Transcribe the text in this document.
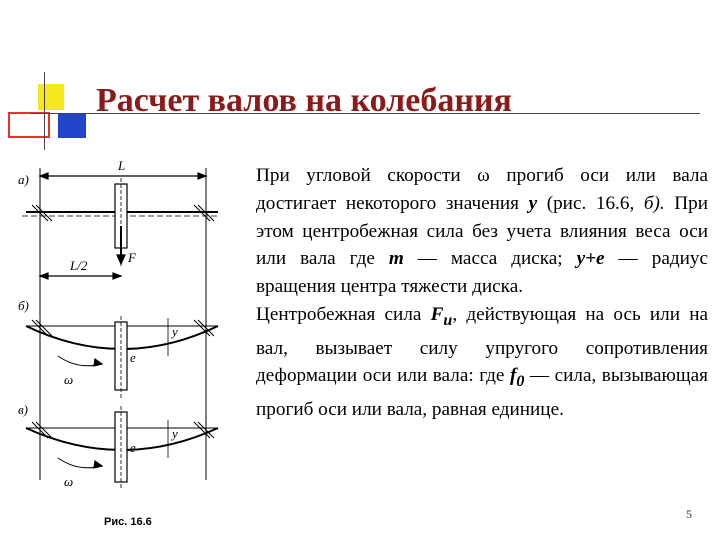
Расчет валов на колебания
а)
L
F
L/2
б)
ω
y
e
в)
ω
y
e
Рис. 16.6

При угловой скорости ω прогиб оси или вала достигает некоторого значения у (рис. 16.6, б). При этом центробежная сила без учета влияния веса оси или вала где т — масса диска; у+е — радиус вращения центра тяжести диска.

Центробежная сила $F_u$, действующая на ось или на вал, вызывает силу упругого сопротивления деформации оси или вала: где $f_0$ — сила, вызывающая прогиб оси или вала, равная единице.

5
